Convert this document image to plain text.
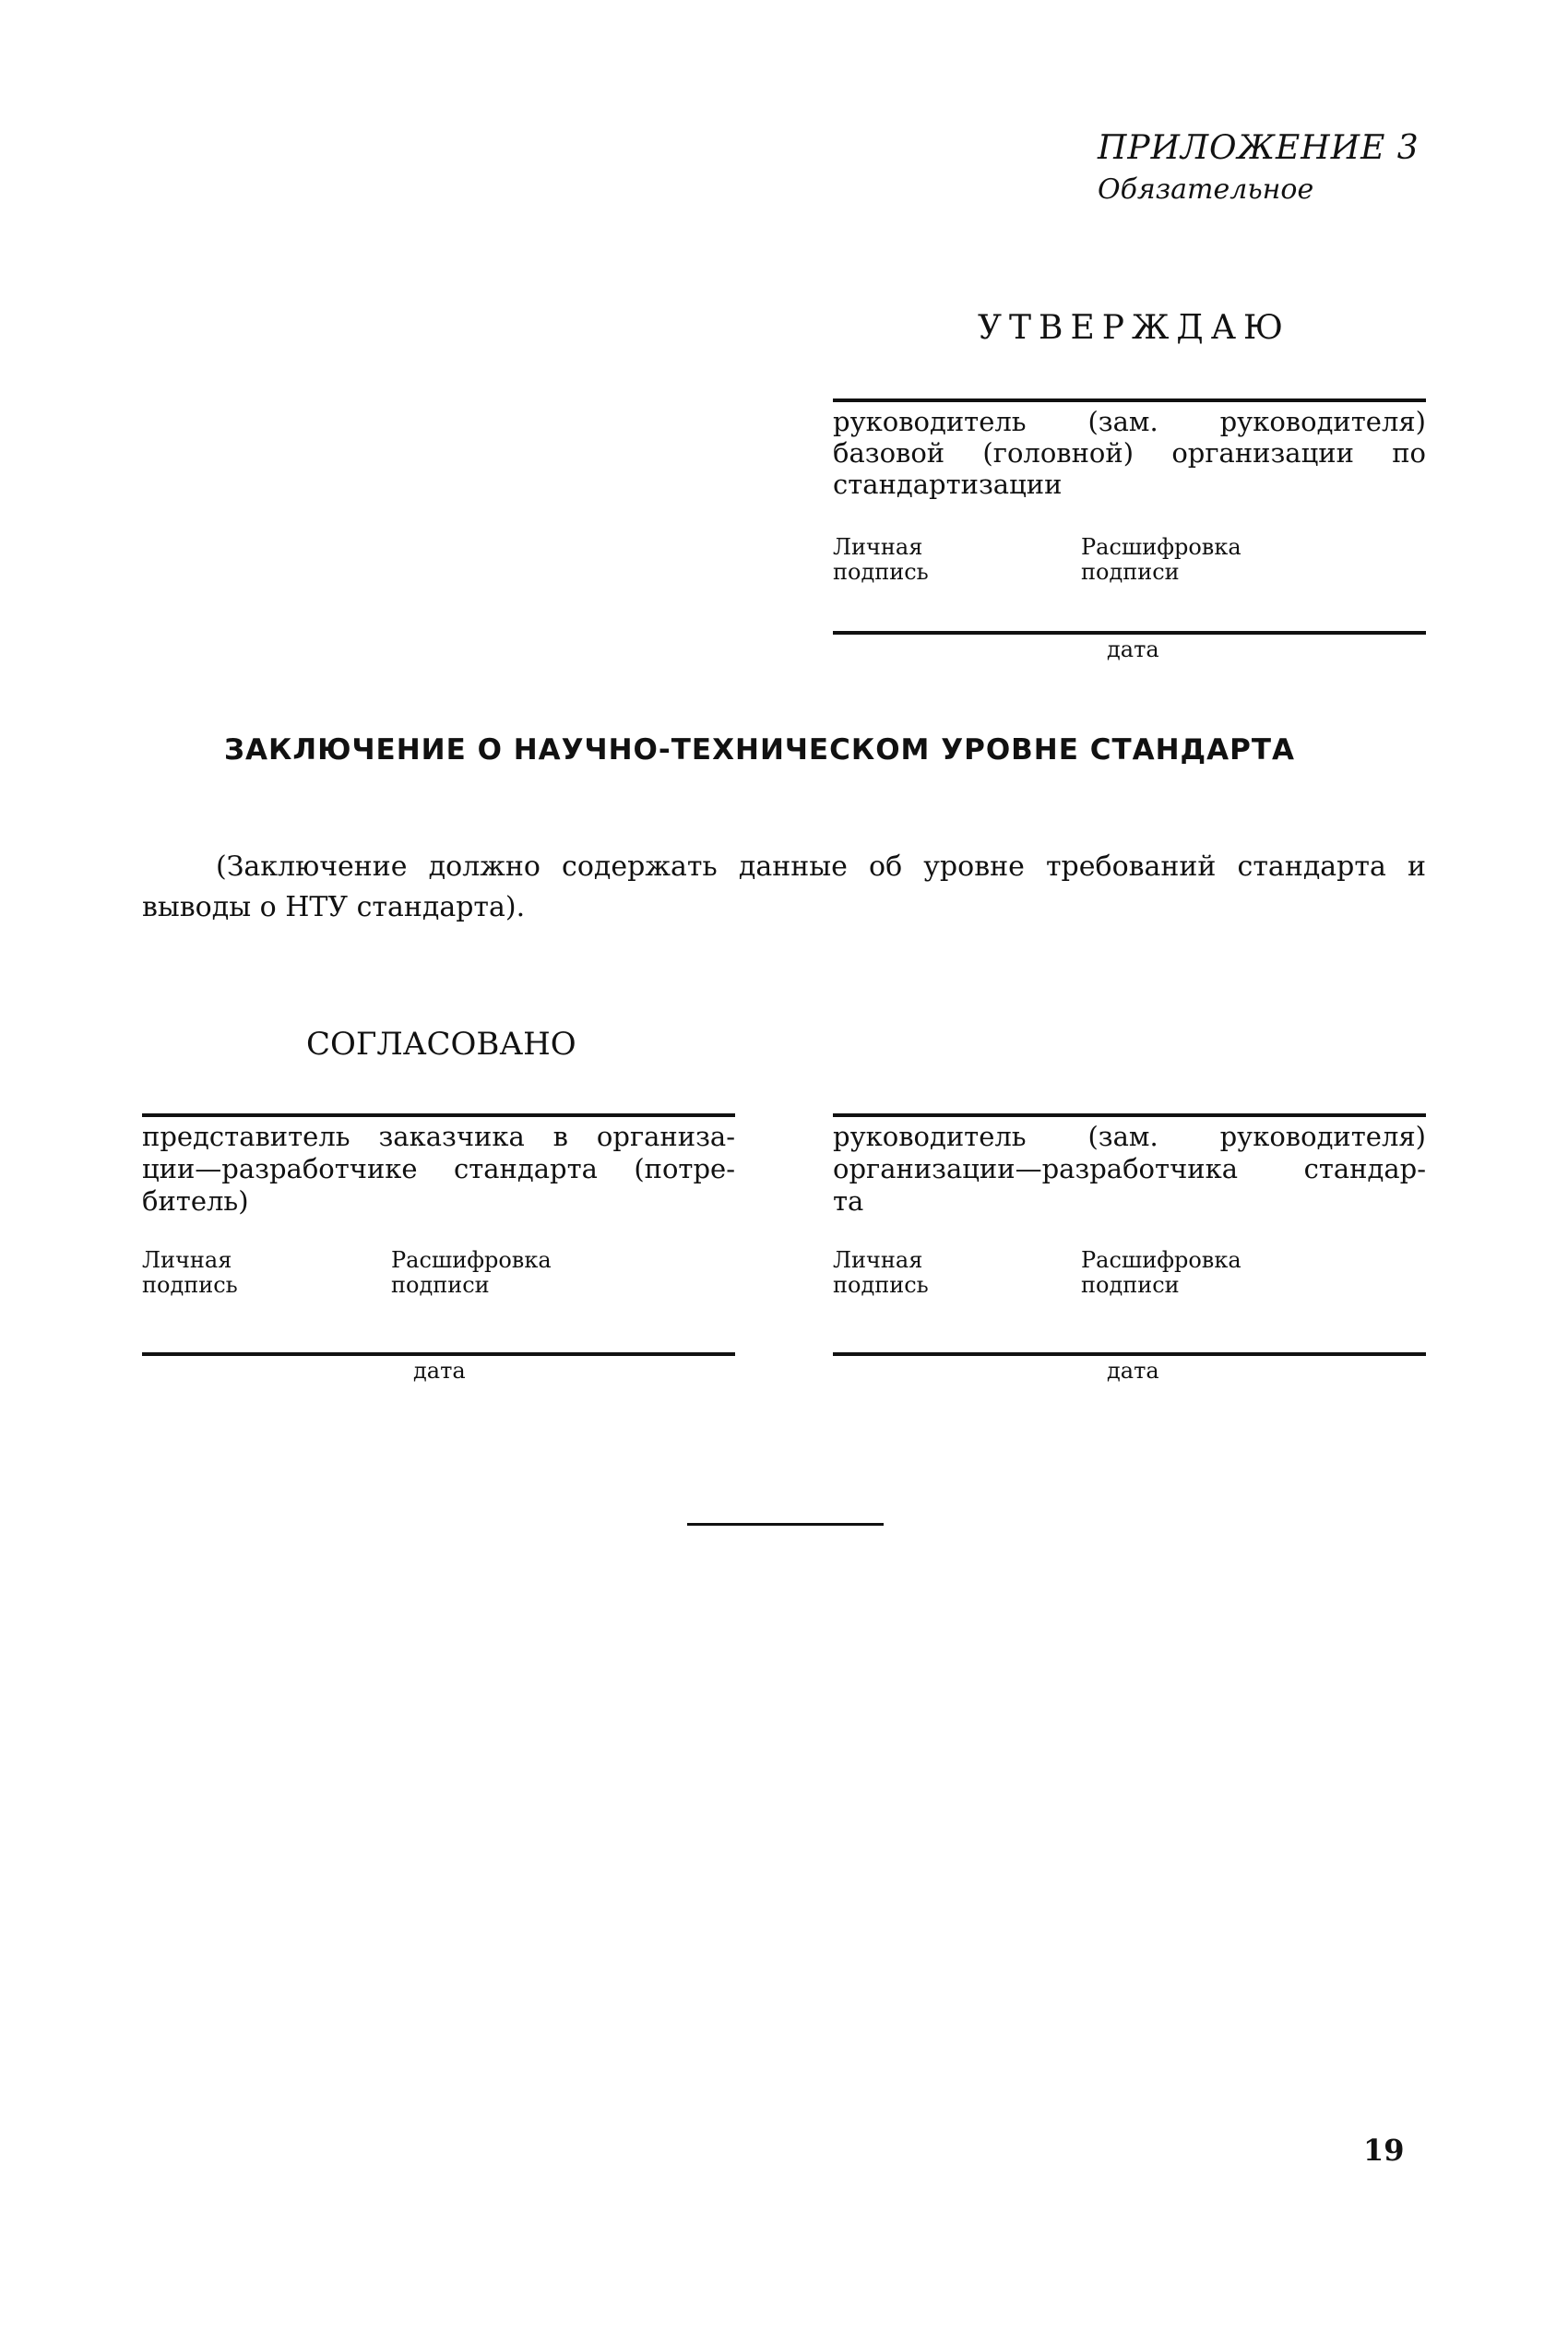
ПРИЛОЖЕНИЕ 3
Обязательное
УТВЕРЖДАЮ
руководитель (зам. руководителя)
базовой (головной) организации по
стандартизации
Личная
подпись
Расшифровка
подписи
дата
ЗАКЛЮЧЕНИЕ О НАУЧНО-ТЕХНИЧЕСКОМ УРОВНЕ СТАНДАРТА
(Заключение должно содержать данные об уровне требований стандарта и
выводы о НТУ стандарта).
СОГЛАСОВАНО
представитель заказчика в организа-
ции—разработчике стандарта (потре-
битель)
Личная
подпись
Расшифровка
подписи
дата
руководитель (зам. руководителя)
организации—разработчика стандар-
та
Личная
подпись
Расшифровка
подписи
дата
19
